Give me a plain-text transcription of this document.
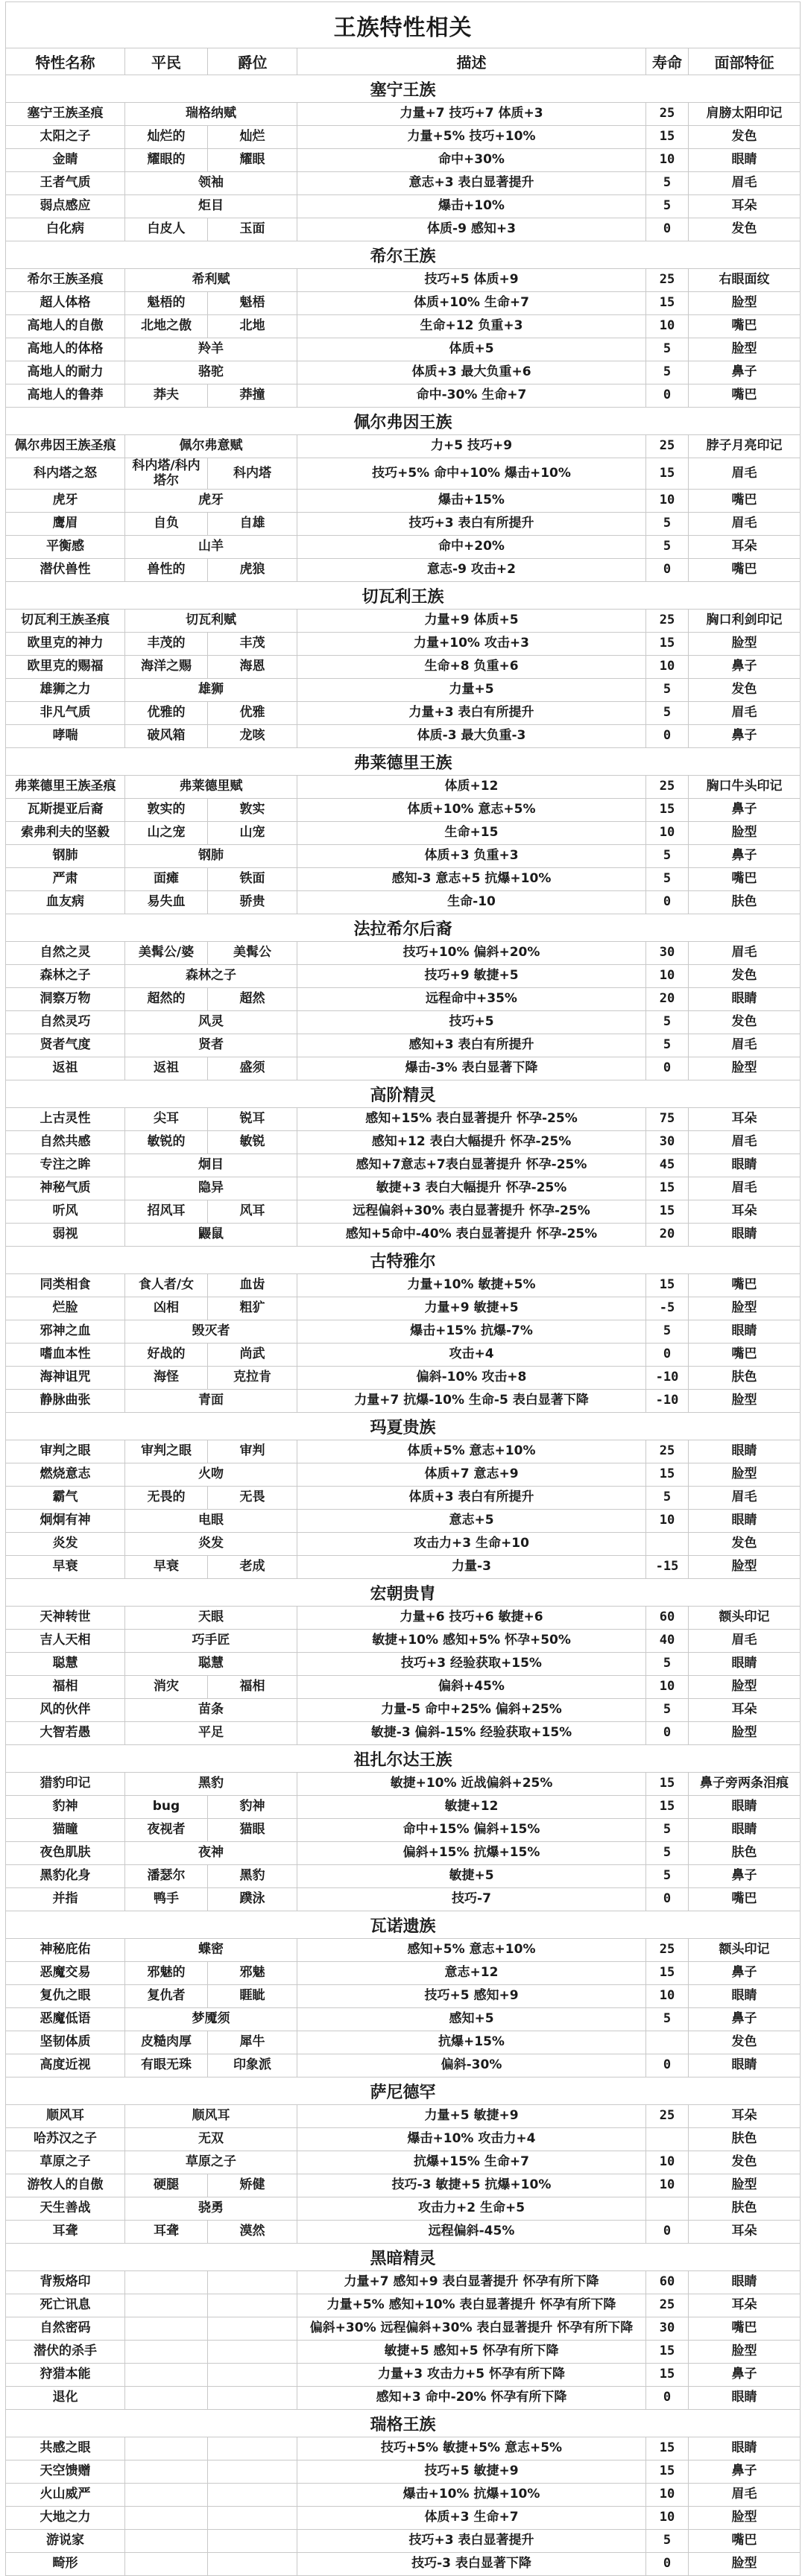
王族特性相关					
特性名称	平民	爵位	描述	寿命	面部特征
塞宁王族					
塞宁王族圣痕	瑞格纳赋		力量+7 技巧+7 体质+3	25	肩膀太阳印记
太阳之子	灿烂的	灿烂	力量+5% 技巧+10%	15	发色
金睛	耀眼的	耀眼	命中+30%	10	眼睛
王者气质	领袖		意志+3 表白显著提升	5	眉毛
弱点感应	炬目		爆击+10%	5	耳朵
白化病	白皮人	玉面	体质-9 感知+3	0	发色
希尔王族					
希尔王族圣痕	希利赋		技巧+5 体质+9	25	右眼面纹
超人体格	魁梧的	魁梧	体质+10% 生命+7	15	脸型
高地人的自傲	北地之傲	北地	生命+12 负重+3	10	嘴巴
高地人的体格	羚羊		体质+5	5	脸型
高地人的耐力	骆驼		体质+3 最大负重+6	5	鼻子
高地人的鲁莽	莽夫	莽撞	命中-30% 生命+7	0	嘴巴
佩尔弗因王族					
佩尔弗因王族圣痕	佩尔弗意赋		力+5 技巧+9	25	脖子月亮印记
科内塔之怒	科内塔/科内塔尔	科内塔	技巧+5% 命中+10% 爆击+10%	15	眉毛
虎牙	虎牙		爆击+15%	10	嘴巴
鹰眉	自负	自雄	技巧+3 表白有所提升	5	眉毛
平衡感	山羊		命中+20%	5	耳朵
潜伏兽性	兽性的	虎狼	意志-9 攻击+2	0	嘴巴
切瓦利王族					
切瓦利王族圣痕	切瓦利赋		力量+9 体质+5	25	胸口利剑印记
欧里克的神力	丰茂的	丰茂	力量+10% 攻击+3	15	脸型
欧里克的赐福	海洋之赐	海恩	生命+8 负重+6	10	鼻子
雄狮之力	雄狮		力量+5	5	发色
非凡气质	优雅的	优雅	力量+3 表白有所提升	5	眉毛
哮喘	破风箱	龙咳	体质-3 最大负重-3	0	鼻子
弗莱德里王族					
弗莱德里王族圣痕	弗莱德里赋		体质+12	25	胸口牛头印记
瓦斯提亚后裔	敦实的	敦实	体质+10% 意志+5%	15	鼻子
索弗利夫的坚毅	山之宠	山宠	生命+15	10	脸型
钢肺	钢肺		体质+3 负重+3	5	鼻子
严肃	面瘫	铁面	感知-3 意志+5 抗爆+10%	5	嘴巴
血友病	易失血	骄贵	生命-10	0	肤色
法拉希尔后裔					
自然之灵	美髯公/婆	美髯公	技巧+10% 偏斜+20%	30	眉毛
森林之子	森林之子		技巧+9 敏捷+5	10	发色
洞察万物	超然的	超然	远程命中+35%	20	眼睛
自然灵巧	风灵		技巧+5	5	发色
贤者气度	贤者		感知+3 表白有所提升	5	眉毛
返祖	返祖	盛须	爆击-3% 表白显著下降	0	脸型
高阶精灵					
上古灵性	尖耳	锐耳	感知+15% 表白显著提升 怀孕-25%	75	耳朵
自然共感	敏锐的	敏锐	感知+12 表白大幅提升 怀孕-25%	30	眉毛
专注之眸	炯目		感知+7意志+7表白显著提升 怀孕-25%	45	眼睛
神秘气质	隐异		敏捷+3 表白大幅提升 怀孕-25%	15	眉毛
听风	招风耳	风耳	远程偏斜+30% 表白显著提升 怀孕-25%	15	耳朵
弱视	鼹鼠		感知+5命中-40% 表白显著提升 怀孕-25%	20	眼睛
古特雅尔					
同类相食	食人者/女	血齿	力量+10% 敏捷+5%	15	嘴巴
烂脸	凶相	粗犷	力量+9 敏捷+5	-5	脸型
邪神之血	毁灭者		爆击+15% 抗爆-7%	5	眼睛
嗜血本性	好战的	尚武	攻击+4	0	嘴巴
海神诅咒	海怪	克拉肯	偏斜-10% 攻击+8	-10	肤色
静脉曲张	青面		力量+7 抗爆-10% 生命-5 表白显著下降	-10	脸型
玛夏贵族					
审判之眼	审判之眼	审判	体质+5% 意志+10%	25	眼睛
燃烧意志	火吻		体质+7 意志+9	15	脸型
霸气	无畏的	无畏	体质+3 表白有所提升	5	眉毛
炯炯有神	电眼		意志+5	10	眼睛
炎发	炎发		攻击力+3 生命+10		发色
早衰	早衰	老成	力量-3	-15	脸型
宏朝贵胄					
天神转世	天眼		力量+6 技巧+6 敏捷+6	60	额头印记
吉人天相	巧手匠		敏捷+10% 感知+5% 怀孕+50%	40	眉毛
聪慧	聪慧		技巧+3 经验获取+15%	5	眼睛
福相	消灾	福相	偏斜+45%	10	脸型
风的伙伴	苗条		力量-5 命中+25% 偏斜+25%	5	耳朵
大智若愚	平足		敏捷-3 偏斜-15% 经验获取+15%	0	脸型
祖扎尔达王族					
猎豹印记	黑豹		敏捷+10% 近战偏斜+25%	15	鼻子旁两条泪痕
豹神	bug	豹神	敏捷+12	15	眼睛
猫瞳	夜视者	猫眼	命中+15% 偏斜+15%	5	眼睛
夜色肌肤	夜神		偏斜+15% 抗爆+15%	5	肤色
黑豹化身	潘瑟尔	黑豹	敏捷+5	5	鼻子
并指	鸭手	蹼泳	技巧-7	0	嘴巴
瓦诺遗族					
神秘庇佑	蝶密		感知+5% 意志+10%	25	额头印记
恶魔交易	邪魅的	邪魅	意志+12	15	鼻子
复仇之眼	复仇者	睚眦	技巧+5 感知+9	10	眼睛
恶魔低语	梦魇须		感知+5	5	鼻子
坚韧体质	皮糙肉厚	犀牛	抗爆+15%		发色
高度近视	有眼无珠	印象派	偏斜-30%	0	眼睛
萨尼德罕					
顺风耳	顺风耳		力量+5 敏捷+9	25	耳朵
哈苏汉之子	无双		爆击+10% 攻击力+4		肤色
草原之子	草原之子		抗爆+15% 生命+7	10	发色
游牧人的自傲	硬腿	矫健	技巧-3 敏捷+5 抗爆+10%	10	脸型
天生善战	骁勇		攻击力+2 生命+5		肤色
耳聋	耳聋	漠然	远程偏斜-45%	0	耳朵
黑暗精灵					
背叛烙印			力量+7 感知+9 表白显著提升 怀孕有所下降	60	眼睛
死亡讯息			力量+5% 感知+10% 表白显著提升 怀孕有所下降	25	耳朵
自然密码			偏斜+30% 远程偏斜+30% 表白显著提升 怀孕有所下降	30	嘴巴
潜伏的杀手			敏捷+5 感知+5 怀孕有所下降	15	脸型
狩猎本能			力量+3 攻击力+5 怀孕有所下降	15	鼻子
退化			感知+3 命中-20% 怀孕有所下降	0	眼睛
瑞格王族					
共感之眼			技巧+5% 敏捷+5% 意志+5%	15	眼睛
天空馈赠			技巧+5 敏捷+9	15	鼻子
火山威严			爆击+10% 抗爆+10%	10	眉毛
大地之力			体质+3 生命+7	10	脸型
游说家			技巧+3 表白显著提升	5	嘴巴
畸形			技巧-3 表白显著下降	0	脸型
